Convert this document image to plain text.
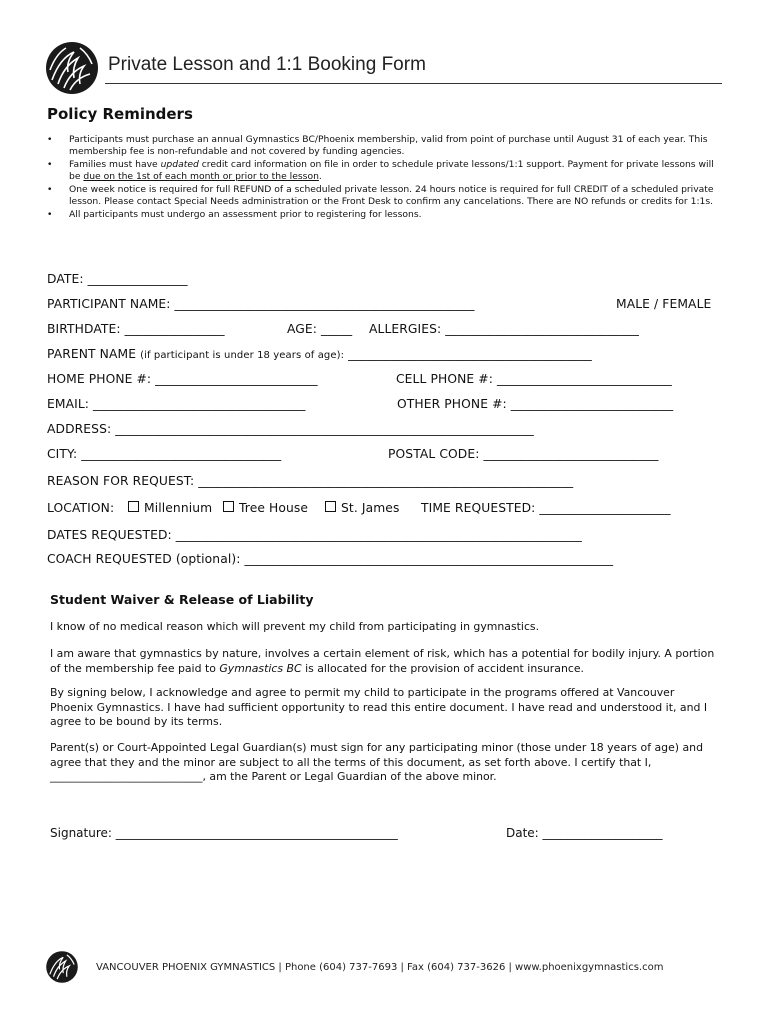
Private Lesson and 1:1 Booking Form
Policy Reminders
• Participants must purchase an annual Gymnastics BC/Phoenix membership, valid from point of purchase until August 31 of each year. This membership fee is non-refundable and not covered by funding agencies.
• Families must have updated credit card information on file in order to schedule private lessons/1:1 support. Payment for private lessons will be due on the 1st of each month or prior to the lesson.
• One week notice is required for full REFUND of a scheduled private lesson. 24 hours notice is required for full CREDIT of a scheduled private lesson. Please contact Special Needs administration or the Front Desk to confirm any cancelations. There are NO refunds or credits for 1:1s.
• All participants must undergo an assessment prior to registering for lessons.
DATE: ________________
PARTICIPANT NAME: ________________________________________________	MALE / FEMALE
BIRTHDATE: ________________	AGE: _____ ALLERGIES: _______________________________
PARENT NAME (if participant is under 18 years of age): _______________________________________
HOME PHONE #: __________________________	CELL PHONE #: ____________________________
EMAIL: __________________________________	OTHER PHONE #: __________________________
ADDRESS: ___________________________________________________________________
CITY: ________________________________	POSTAL CODE: ____________________________
REASON FOR REQUEST: ____________________________________________________________
LOCATION:	Millennium	Tree House	St. James TIME REQUESTED: _____________________
DATES REQUESTED: _________________________________________________________________
COACH REQUESTED (optional): ___________________________________________________________
Student Waiver & Release of Liability
I know of no medical reason which will prevent my child from participating in gymnastics.
I am aware that gymnastics by nature, involves a certain element of risk, which has a potential for bodily injury. A portion of the membership fee paid to Gymnastics BC is allocated for the provision of accident insurance.
By signing below, I acknowledge and agree to permit my child to participate in the programs offered at Vancouver Phoenix Gymnastics. I have had sufficient opportunity to read this entire document. I have read and understood it, and I agree to be bound by its terms.
Parent(s) or Court-Appointed Legal Guardian(s) must sign for any participating minor (those under 18 years of age) and agree that they and the minor are subject to all the terms of this document, as set forth above. I certify that I, ____________________________, am the Parent or Legal Guardian of the above minor.
Signature: _______________________________________________	Date: ____________________
VANCOUVER PHOENIX GYMNASTICS | Phone (604) 737-7693 | Fax (604) 737-3626 | www.phoenixgymnastics.com
